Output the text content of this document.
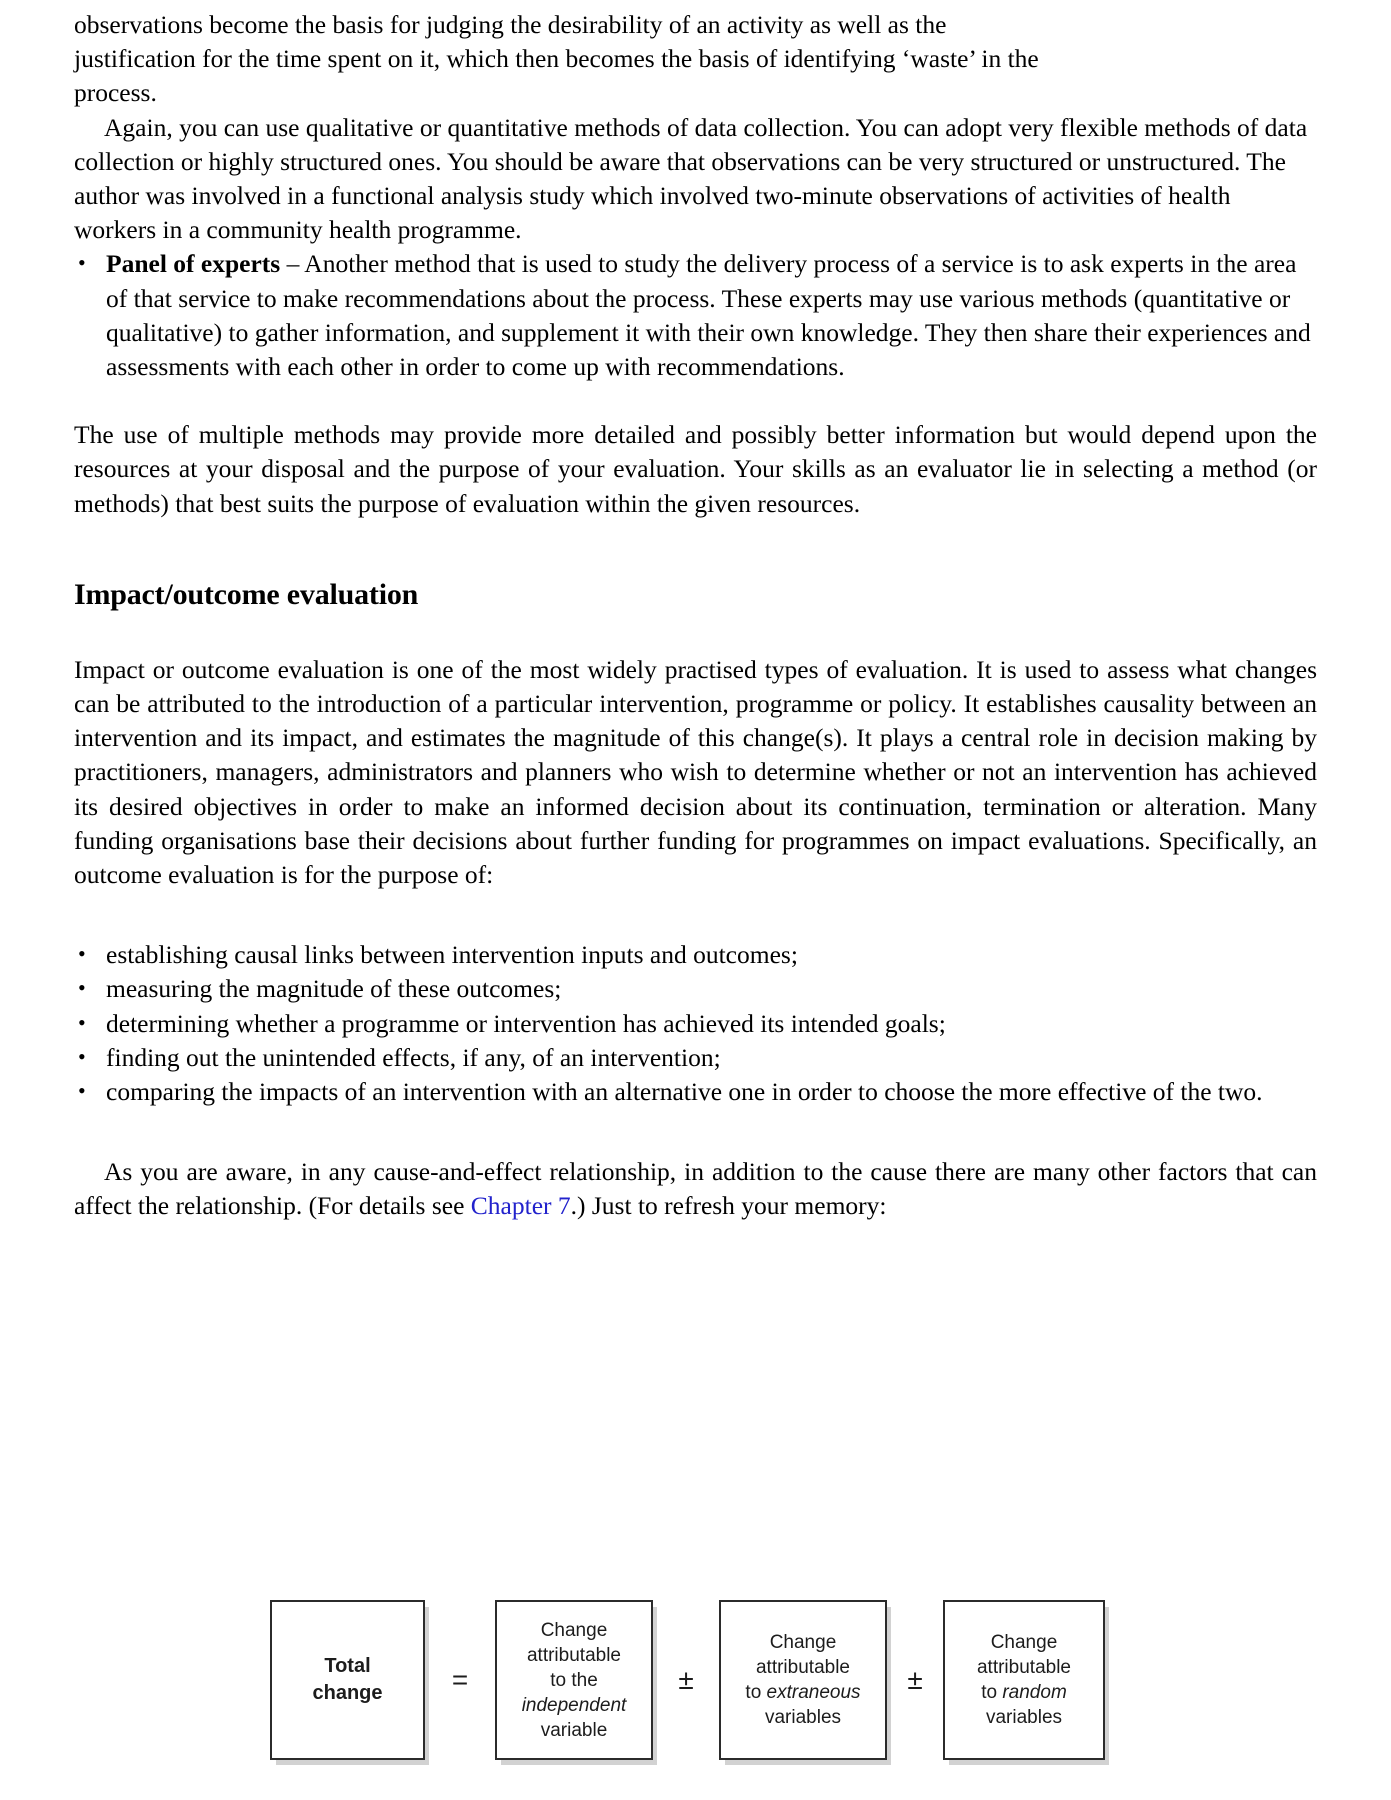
observations become the basis for judging the desirability of an activity as well as the
justification for the time spent on it, which then becomes the basis of identifying ‘waste’ in the
process.

Again, you can use qualitative or quantitative methods of data collection. You can adopt very flexible methods of data collection or highly structured ones. You should be aware that observations can be very structured or unstructured. The author was involved in a functional analysis study which involved two-minute observations of activities of health workers in a community health programme.

• Panel of experts – Another method that is used to study the delivery process of a service is to ask experts in the area of that service to make recommendations about the process. These experts may use various methods (quantitative or qualitative) to gather information, and supplement it with their own knowledge. They then share their experiences and assessments with each other in order to come up with recommendations.

The use of multiple methods may provide more detailed and possibly better information but would depend upon the resources at your disposal and the purpose of your evaluation. Your skills as an evaluator lie in selecting a method (or methods) that best suits the purpose of evaluation within the given resources.

Impact/outcome evaluation

Impact or outcome evaluation is one of the most widely practised types of evaluation. It is used to assess what changes can be attributed to the introduction of a particular intervention, programme or policy. It establishes causality between an intervention and its impact, and estimates the magnitude of this change(s). It plays a central role in decision making by practitioners, managers, administrators and planners who wish to determine whether or not an intervention has achieved its desired objectives in order to make an informed decision about its continuation, termination or alteration. Many funding organisations base their decisions about further funding for programmes on impact evaluations. Specifically, an outcome evaluation is for the purpose of:

• establishing causal links between intervention inputs and outcomes;
• measuring the magnitude of these outcomes;
• determining whether a programme or intervention has achieved its intended goals;
• finding out the unintended effects, if any, of an intervention;
• comparing the impacts of an intervention with an alternative one in order to choose the more effective of the two.

As you are aware, in any cause-and-effect relationship, in addition to the cause there are many other factors that can affect the relationship. (For details see Chapter 7.) Just to refresh your memory:

Total
change	=
Change
attributable
to the
independent
variable
±
Change
attributable
to extraneous
variables
±
Change
attributable
to random
variables
